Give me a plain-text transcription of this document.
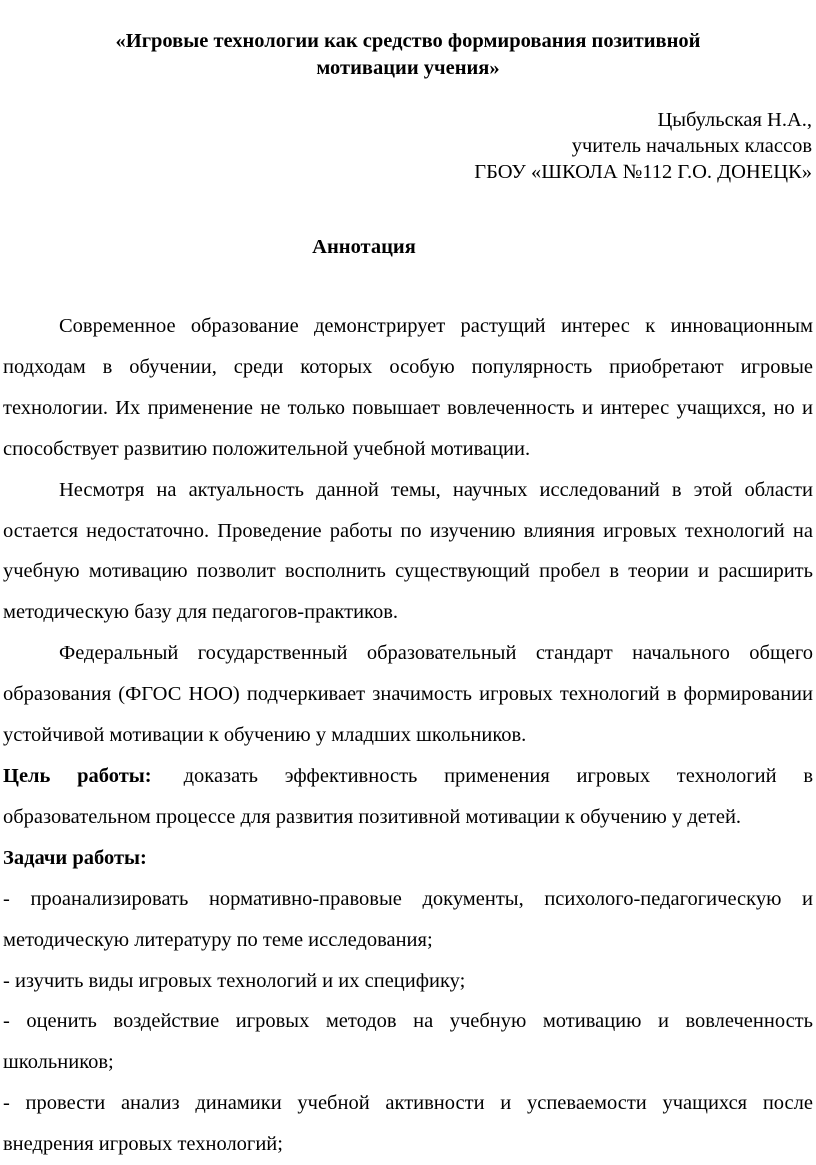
«Игровые технологии как средство формирования позитивной
мотивации учения»
Цыбульская Н.А.,
учитель начальных классов
ГБОУ «ШКОЛА №112 Г.О. ДОНЕЦК»
Аннотация

Современное образование демонстрирует растущий интерес к инновационным подходам в обучении, среди которых особую популярность приобретают игровые технологии. Их применение не только повышает вовлеченность и интерес учащихся, но и способствует развитию положительной учебной мотивации.

Несмотря на актуальность данной темы, научных исследований в этой области остается недостаточно. Проведение работы по изучению влияния игровых технологий на учебную мотивацию позволит восполнить существующий пробел в теории и расширить методическую базу для педагогов-практиков.

Федеральный государственный образовательный стандарт начального общего образования (ФГОС НОО) подчеркивает значимость игровых технологий в формировании устойчивой мотивации к обучению у младших школьников.

Цель работы: доказать эффективность применения игровых технологий в образовательном процессе для развития позитивной мотивации к обучению у детей.

Задачи работы:

- проанализировать нормативно-правовые документы, психолого-педагогическую и методическую литературу по теме исследования;

- изучить виды игровых технологий и их специфику;

- оценить воздействие игровых методов на учебную мотивацию и вовлеченность школьников;

- провести анализ динамики учебной активности и успеваемости учащихся после внедрения игровых технологий;
